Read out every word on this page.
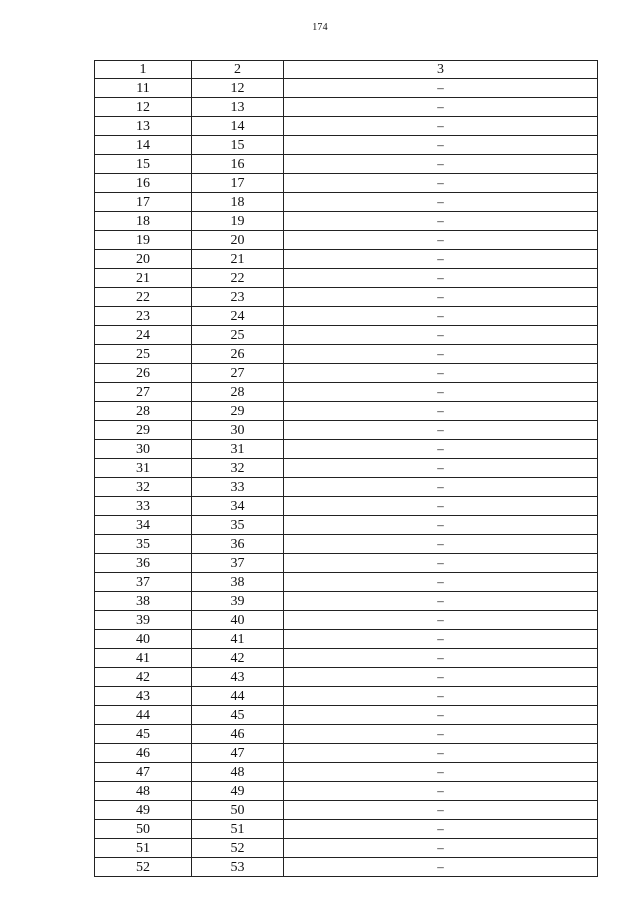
174
1	2	3
11	12	–
12	13	–
13	14	–
14	15	–
15	16	–
16	17	–
17	18	–
18	19	–
19	20	–
20	21	–
21	22	–
22	23	–
23	24	–
24	25	–
25	26	–
26	27	–
27	28	–
28	29	–
29	30	–
30	31	–
31	32	–
32	33	–
33	34	–
34	35	–
35	36	–
36	37	–
37	38	–
38	39	–
39	40	–
40	41	–
41	42	–
42	43	–
43	44	–
44	45	–
45	46	–
46	47	–
47	48	–
48	49	–
49	50	–
50	51	–
51	52	–
52	53	–
